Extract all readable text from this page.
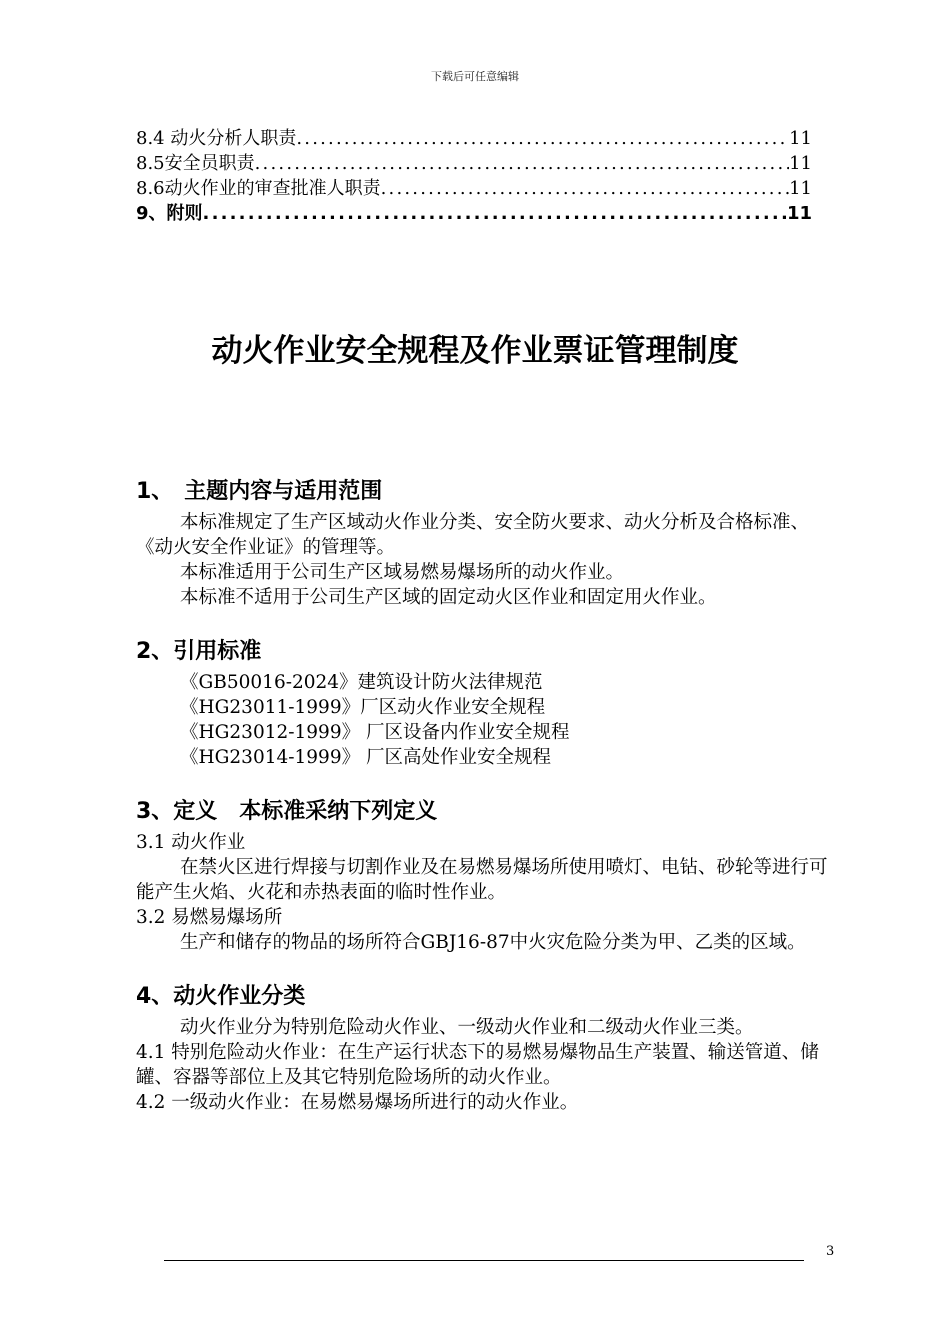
下载后可任意编辑
8.4 动火分析人职责 .....	11
8.5安全员职责 .....	11
8.6动火作业的审查批准人职责 .....	11
9、附则 .....	11
动火作业安全规程及作业票证管理制度
1、　主题内容与适用范围

本标准规定了生产区域动火作业分类、安全防火要求、动火分析及合格标准、《动火安全作业证》的管理等。

本标准适用于公司生产区域易燃易爆场所的动火作业。

本标准不适用于公司生产区域的固定动火区作业和固定用火作业。

2、引用标准

《GB50016-2024》建筑设计防火法律规范

《HG23011-1999》厂区动火作业安全规程

《HG23012-1999》 厂区设备内作业安全规程

《HG23014-1999》 厂区高处作业安全规程

3、定义　本标准采纳下列定义

3.1 动火作业

在禁火区进行焊接与切割作业及在易燃易爆场所使用喷灯、电钻、砂轮等进行可能产生火焰、火花和赤热表面的临时性作业。

3.2 易燃易爆场所

生产和储存的物品的场所符合GBJ16-87中火灾危险分类为甲、乙类的区域。

4、动火作业分类

动火作业分为特别危险动火作业、一级动火作业和二级动火作业三类。

4.1 特别危险动火作业：在生产运行状态下的易燃易爆物品生产装置、输送管道、储罐、容器等部位上及其它特别危险场所的动火作业。

4.2 一级动火作业：在易燃易爆场所进行的动火作业。

3
